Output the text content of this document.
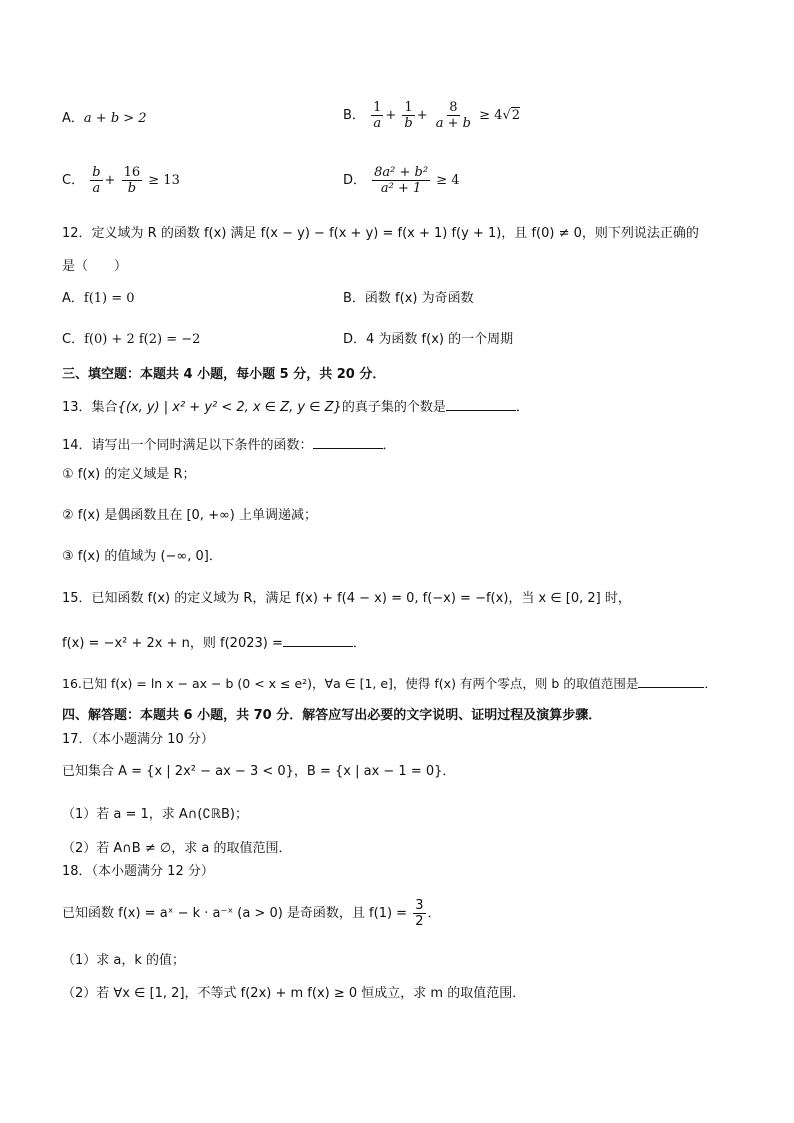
A．a + b > 2	B． $\frac{1}{a} + \frac{1}{b} + \frac{8}{a + b} \ge 4√2$
C． $\frac{b}{a} + \frac{16}{b} \ge 13$	D． $\frac{\text{8a² + b²}}{\text{a² + 1}} \ge 4$
12．定义域为 R 的函数 f(x) 满足 f(x − y) − f(x + y) = f(x + 1) f(y + 1)，且 f(0) ≠ 0，则下列说法正确的
是（　　）
A．f(1) = 0	B．函数 f(x) 为奇函数
C．f(0) + 2 f(2) = −2	D．4 为函数 f(x) 的一个周期
三、填空题：本题共 4 小题，每小题 5 分，共 20 分．
13．集合{(x, y) | x² + y² < 2, x ∈ Z, y ∈ Z}的真子集的个数是	．
14．请写出一个同时满足以下条件的函数：	．
① f(x) 的定义域是 R；
② f(x) 是偶函数且在 [0, +∞) 上单调递减；
③ f(x) 的值域为 (−∞, 0]．
15．已知函数 f(x) 的定义域为 R，满足 f(x) + f(4 − x) = 0, f(−x) = −f(x)，当 x ∈ [0, 2] 时，
f(x) = −x² + 2x + n，则 f(2023) =	．
16.已知 f(x) = ln x − ax − b (0 < x ≤ e²)，∀a ∈ [1, e]，使得 f(x) 有两个零点，则 b 的取值范围是	．
四、解答题：本题共 6 小题，共 70 分．解答应写出必要的文字说明、证明过程及演算步骤．
17．（本小题满分 10 分）
已知集合 A = {x | 2x² − ax − 3 < 0}，B = {x | ax − 1 = 0}．
（1）若 a = 1，求 A∩(∁ℝB)；
（2）若 A∩B ≠ ∅，求 a 的取值范围．
18．（本小题满分 12 分）
已知函数 f(x) = aˣ − k · a⁻ˣ (a > 0) 是奇函数，且 $f(1) = \frac{3}{2}$ ．
（1）求 a，k 的值；
（2）若 ∀x ∈ [1, 2]，不等式 f(2x) + m f(x) ≥ 0 恒成立，求 m 的取值范围．
